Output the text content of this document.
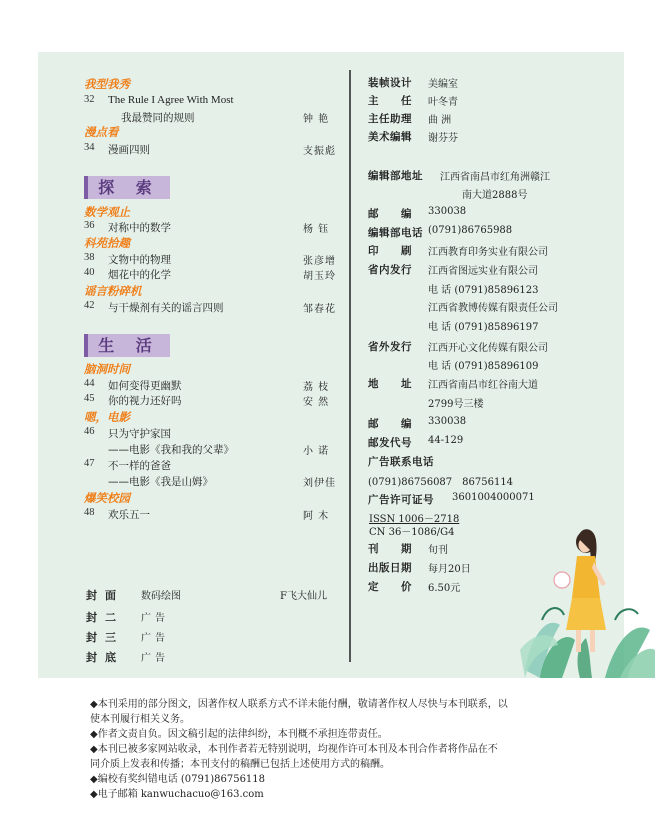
我型我秀
32 The Rule I Agree With Most
我最赞同的规则	钟 艳
漫点看
34 漫画四则	支振彪
探 索
数学观止
36 对称中的数学	杨 钰
科苑拾趣
38 文物中的物理	张彦增
40 烟花中的化学	胡玉玲
谣言粉碎机
42 与干燥剂有关的谣言四则	邹春花
生 活
脑洞时间
44 如何变得更幽默	荔 枝
45 你的视力还好吗	安 然
嗯，电影
46 只为守护家国
——电影《我和我的父辈》	小 诺
47 不一样的爸爸
——电影《我是山姆》	刘伊佳
爆笑校园
48 欢乐五一	阿 木
封面 数码绘图	F飞大仙儿
封二 广告
封三 广告
封底 广告
装帧设计 美编室
主　　任 叶冬青
主任助理 曲 洲
美术编辑 谢芬芬
编辑部地址 江西省南昌市红角洲赣江
南大道2888号
邮　　编 330038
编辑部电话 (0791)86765988
印　　刷 江西教育印务实业有限公司
省内发行 江西省图远实业有限公司
电 话 (0791)85896123
江西省教博传媒有限责任公司
电 话 (0791)85896197
省外发行 江西开心文化传媒有限公司
电 话 (0791)85896109
地　　址 江西省南昌市红谷南大道
2799号三楼
邮　　编 330038
邮发代号 44-129
广告联系电话
(0791)86756087　86756114
广告许可证号 3601004000071
ISSN 1006－2718
CN 36－1086/G4
刊　　期 旬刊
出版日期 每月20日
定　　价 6.50元
◆本刊采用的部分图文，因著作权人联系方式不详未能付酬，敬请著作权人尽快与本刊联系，以
使本刊履行相关义务。
◆作者文责自负。因文稿引起的法律纠纷，本刊概不承担连带责任。
◆本刊已被多家网站收录，本刊作者若无特别说明，均视作许可本刊及本刊合作者将作品在不
同介质上发表和传播；本刊支付的稿酬已包括上述使用方式的稿酬。
◆编校有奖纠错电话 (0791)86756118
◆电子邮箱 kanwuchacuo@163.com
